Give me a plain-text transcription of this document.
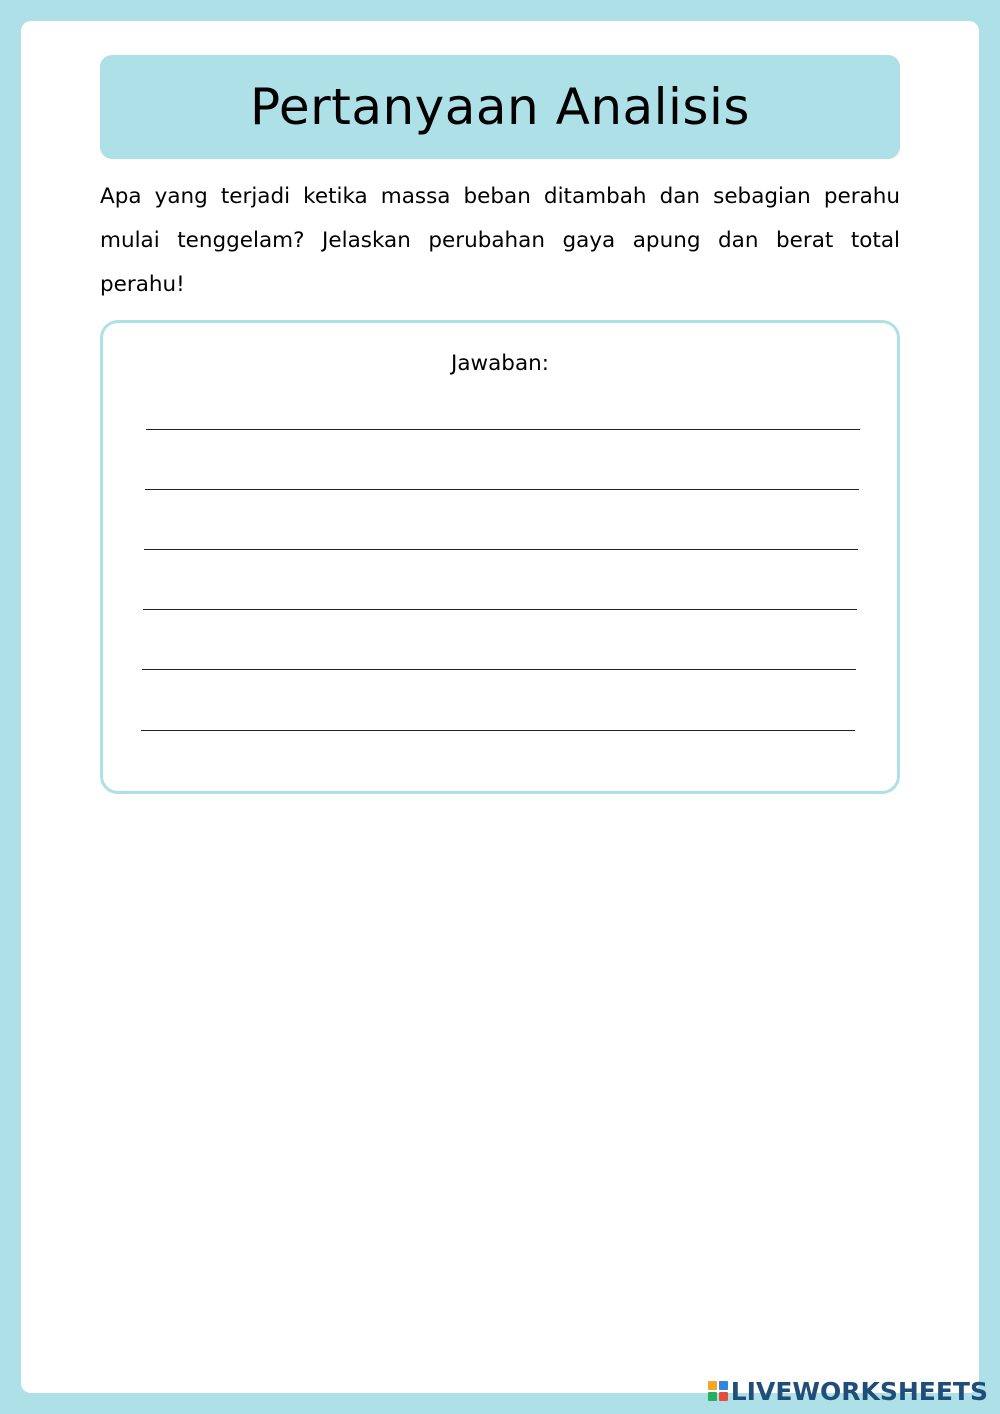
Pertanyaan Analisis

Apa yang terjadi ketika massa beban ditambah dan sebagian perahu mulai tenggelam? Jelaskan perubahan gaya apung dan berat total perahu!

Jawaban:
LIVEWORKSHEETS
